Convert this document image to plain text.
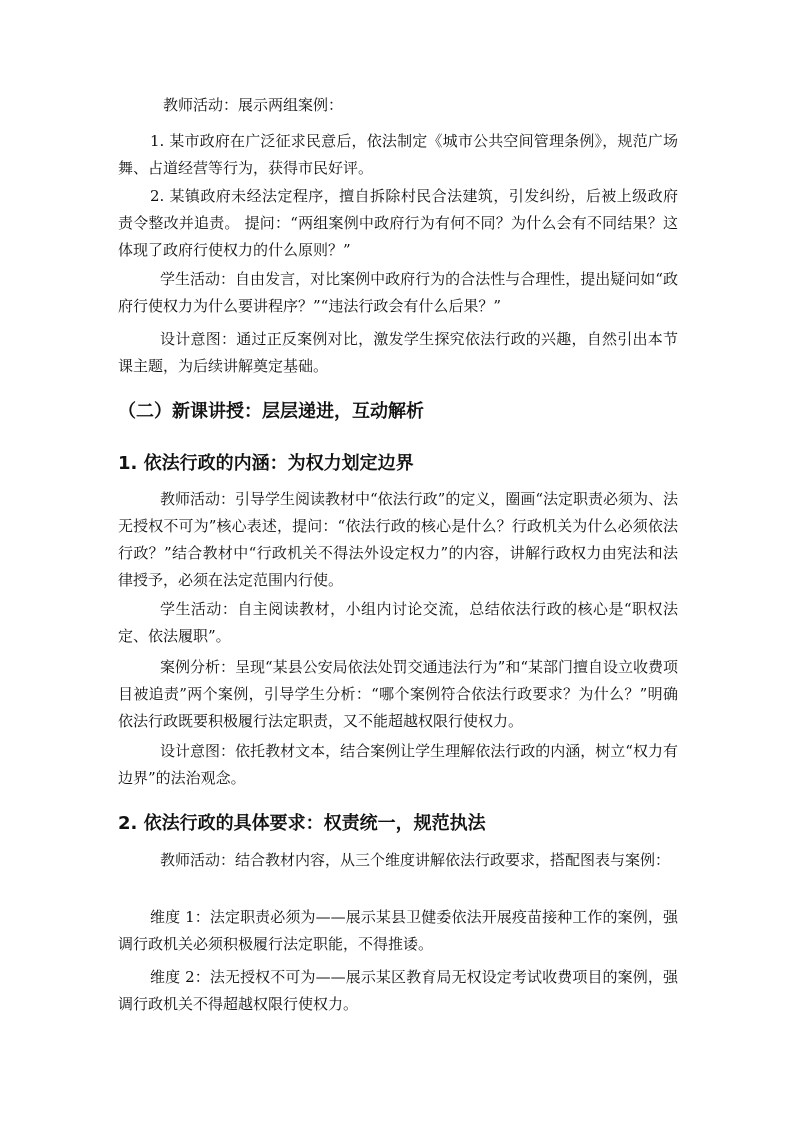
教师活动：展示两组案例：

1. 某市政府在广泛征求民意后，依法制定《城市公共空间管理条例》，规范广场舞、占道经营等行为，获得市民好评。

2. 某镇政府未经法定程序，擅自拆除村民合法建筑，引发纠纷，后被上级政府责令整改并追责。 提问：“两组案例中政府行为有何不同？为什么会有不同结果？这体现了政府行使权力的什么原则？”

学生活动：自由发言，对比案例中政府行为的合法性与合理性，提出疑问如“政府行使权力为什么要讲程序？”“违法行政会有什么后果？”

设计意图：通过正反案例对比，激发学生探究依法行政的兴趣，自然引出本节课主题，为后续讲解奠定基础。

（二）新课讲授：层层递进，互动解析
1. 依法行政的内涵：为权力划定边界

教师活动：引导学生阅读教材中“依法行政”的定义，圈画“法定职责必须为、法无授权不可为”核心表述，提问：“依法行政的核心是什么？行政机关为什么必须依法行政？”结合教材中“行政机关不得法外设定权力”的内容，讲解行政权力由宪法和法律授予，必须在法定范围内行使。

学生活动：自主阅读教材，小组内讨论交流，总结依法行政的核心是“职权法定、依法履职”。

案例分析：呈现“某县公安局依法处罚交通违法行为”和“某部门擅自设立收费项目被追责”两个案例，引导学生分析：“哪个案例符合依法行政要求？为什么？”明确依法行政既要积极履行法定职责，又不能超越权限行使权力。

设计意图：依托教材文本，结合案例让学生理解依法行政的内涵，树立“权力有边界”的法治观念。

2. 依法行政的具体要求：权责统一，规范执法

教师活动：结合教材内容，从三个维度讲解依法行政要求，搭配图表与案例：

维度 1：法定职责必须为——展示某县卫健委依法开展疫苗接种工作的案例，强调行政机关必须积极履行法定职能，不得推诿。

维度 2：法无授权不可为——展示某区教育局无权设定考试收费项目的案例，强调行政机关不得超越权限行使权力。
